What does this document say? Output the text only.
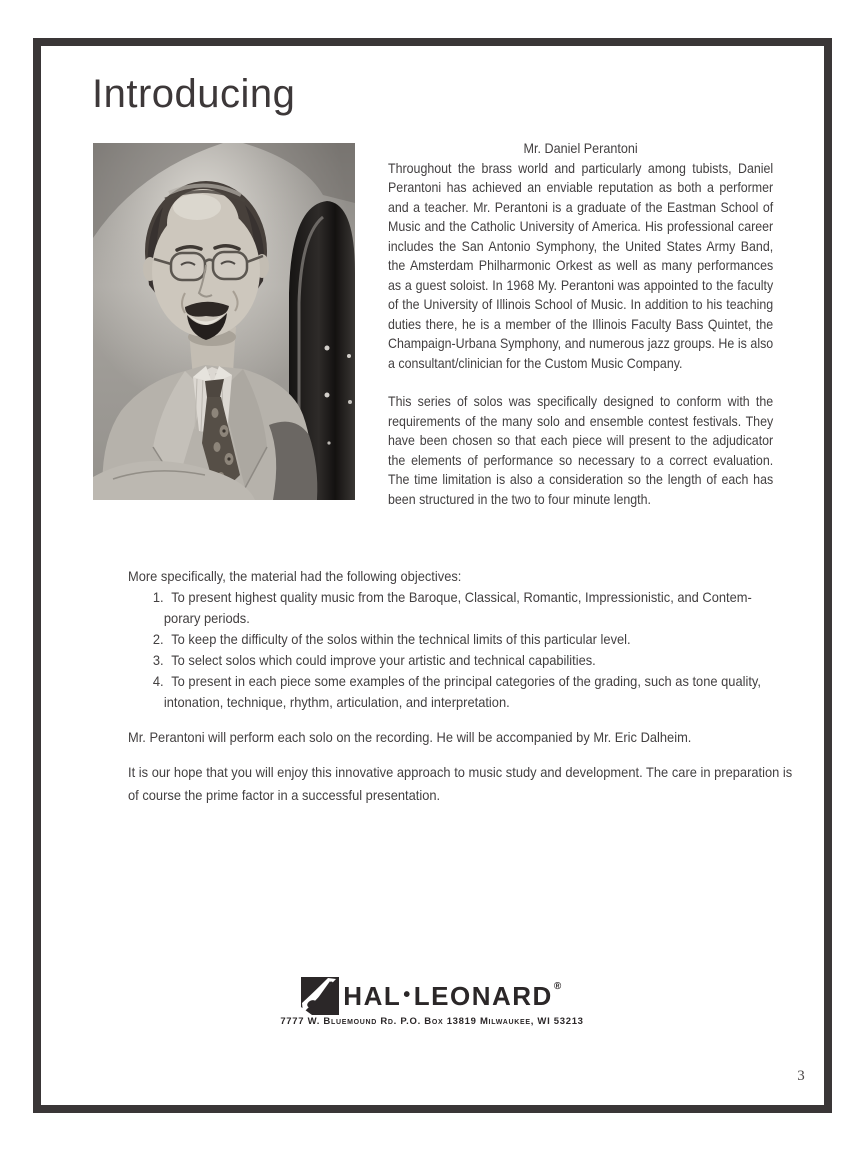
Introducing

Mr. Daniel Perantoni

Throughout the brass world and particularly among tubists, Daniel Perantoni has achieved an enviable reputation as both a performer and a teacher. Mr. Perantoni is a graduate of the Eastman School of Music and the Catholic University of America. His professional career includes the San Antonio Symphony, the United States Army Band, the Amsterdam Philharmonic Orkest as well as many performances as a guest soloist. In 1968 My. Perantoni was appointed to the faculty of the University of Illinois School of Music. In addition to his teaching duties there, he is a member of the Illinois Faculty Bass Quintet, the Champaign-Urbana Symphony, and numerous jazz groups. He is also a consultant/clinician for the Custom Music Company.

This series of solos was specifically designed to conform with the requirements of the many solo and ensemble contest festivals. They have been chosen so that each piece will present to the adjudicator the elements of performance so necessary to a correct evaluation. The time limitation is also a consideration so the length of each has been structured in the two to four minute length.

More specifically, the material had the following objectives:

1. To present highest quality music from the Baroque, Classical, Romantic, Impressionistic, and Contem-
porary periods.
2. To keep the difficulty of the solos within the technical limits of this particular level.
3. To select solos which could improve your artistic and technical capabilities.
4. To present in each piece some examples of the principal categories of the grading, such as tone quality,
intonation, technique, rhythm, articulation, and interpretation.

Mr. Perantoni will perform each solo on the recording. He will be accompanied by Mr. Eric Dalheim.

It is our hope that you will enjoy this innovative approach to music study and development. The care in preparation is of course the prime factor in a successful presentation.

HAL • LEONARD ®
7777 W. Bluemound Rd. P.O. Box 13819 Milwaukee, WI 53213
3
